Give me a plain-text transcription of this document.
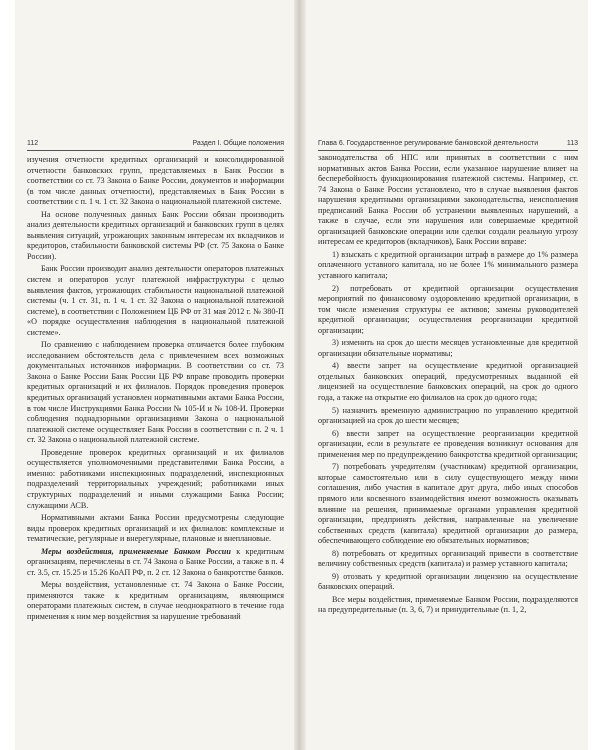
112	Раздел I. Общие положения

изучения отчетности кредитных организаций и консолидированной отчетности банковских групп, представляемых в Банк России в соответствии со ст. 73 Закона о Банке России, документов и информации (в том числе данных отчетности), представляемых в Банк России в соответствии с п. 1 ч. 1 ст. 32 Закона о национальной платежной системе.

На основе полученных данных Банк России обязан производить анализ деятельности кредитных организаций и банковских групп в целях выявления ситуаций, угрожающих законным интересам их вкладчиков и кредиторов, стабильности банковской системы РФ (ст. 75 Закона о Банке России).

Банк России производит анализ деятельности операторов платежных систем и операторов услуг платежной инфраструктуры с целью выявления фактов, угрожающих стабильности национальной платежной системы (ч. 1 ст. 31, п. 1 ч. 1 ст. 32 Закона о национальной платежной системе), в соответствии с Положением ЦБ РФ от 31 мая 2012 г. № 380-П «О порядке осуществления наблюдения в национальной платежной системе».

По сравнению с наблюдением проверка отличается более глубоким исследованием обстоятельств дела с привлечением всех возможных документальных источников информации. В соответствии со ст. 73 Закона о Банке России Банк России ЦБ РФ вправе проводить проверки кредитных организаций и их филиалов. Порядок проведения проверок кредитных организаций установлен нормативными актами Банка России, в том числе Инструкциями Банка России № 105-И и № 108-И. Проверки соблюдения поднадзорными организациями Закона о национальной платежной системе осуществляет Банк России в соответствии с п. 2 ч. 1 ст. 32 Закона о национальной платежной системе.

Проведение проверок кредитных организаций и их филиалов осуществляется уполномоченными представителями Банка России, а именно: работниками инспекционных подразделений, инспекционных подразделений территориальных учреждений; работниками иных структурных подразделений и иными служащими Банка России; служащими АСВ.

Нормативными актами Банка России предусмотрены следующие виды проверок кредитных организаций и их филиалов: комплексные и тематические, регулярные и внерегулярные, плановые и внеплановые.

Меры воздействия, применяемые Банком России к кредитным организациям, перечислены в ст. 74 Закона о Банке России, а также в п. 4 ст. 3.5, ст. 15.25 и 15.26 КоАП РФ, п. 2 ст. 12 Закона о банкротстве банков.

Меры воздействия, установленные ст. 74 Закона о Банке России, применяются также к кредитным организациям, являющимся операторами платежных систем, в случае неоднократного в течение года применения к ним мер воздействия за нарушение требований

Глава 6. Государственное регулирование банковской деятельности	113

законодательства об НПС или принятых в соответствии с ним нормативных актов Банка России, если указанное нарушение влияет на бесперебойность функционирования платежной системы. Например, ст. 74 Закона о Банке России установлено, что в случае выявления фактов нарушения кредитными организациями законодательства, неисполнения предписаний Банка России об устранении выявленных нарушений, а также в случае, если эти нарушения или совершаемые кредитной организацией банковские операции или сделки создали реальную угрозу интересам ее кредиторов (вкладчиков), Банк России вправе:

1) взыскать с кредитной организации штраф в размере до 1% размера оплаченного уставного капитала, но не более 1% минимального размера уставного капитала;

2) потребовать от кредитной организации осуществления мероприятий по финансовому оздоровлению кредитной организации, в том числе изменения структуры ее активов; замены руководителей кредитной организации; осуществления реорганизации кредитной организации;

3) изменить на срок до шести месяцев установленные для кредитной организации обязательные нормативы;

4) ввести запрет на осуществление кредитной организацией отдельных банковских операций, предусмотренных выданной ей лицензией на осуществление банковских операций, на срок до одного года, а также на открытие ею филиалов на срок до одного года;

5) назначить временную администрацию по управлению кредитной организацией на срок до шести месяцев;

6) ввести запрет на осуществление реорганизации кредитной организации, если в результате ее проведения возникнут основания для применения мер по предупреждению банкротства кредитной организации;

7) потребовать учредителям (участникам) кредитной организации, которые самостоятельно или в силу существующего между ними соглашения, либо участия в капитале друг друга, либо иных способов прямого или косвенного взаимодействия имеют возможность оказывать влияние на решения, принимаемые органами управления кредитной организации, предпринять действия, направленные на увеличение собственных средств (капитала) кредитной организации до размера, обеспечивающего соблюдение ею обязательных нормативов;

8) потребовать от кредитных организаций привести в соответствие величину собственных средств (капитала) и размер уставного капитала;

9) отозвать у кредитной организации лицензию на осуществление банковских операций.

Все меры воздействия, применяемые Банком России, подразделяются на предупредительные (п. 3, 6, 7) и принудительные (п. 1, 2,
